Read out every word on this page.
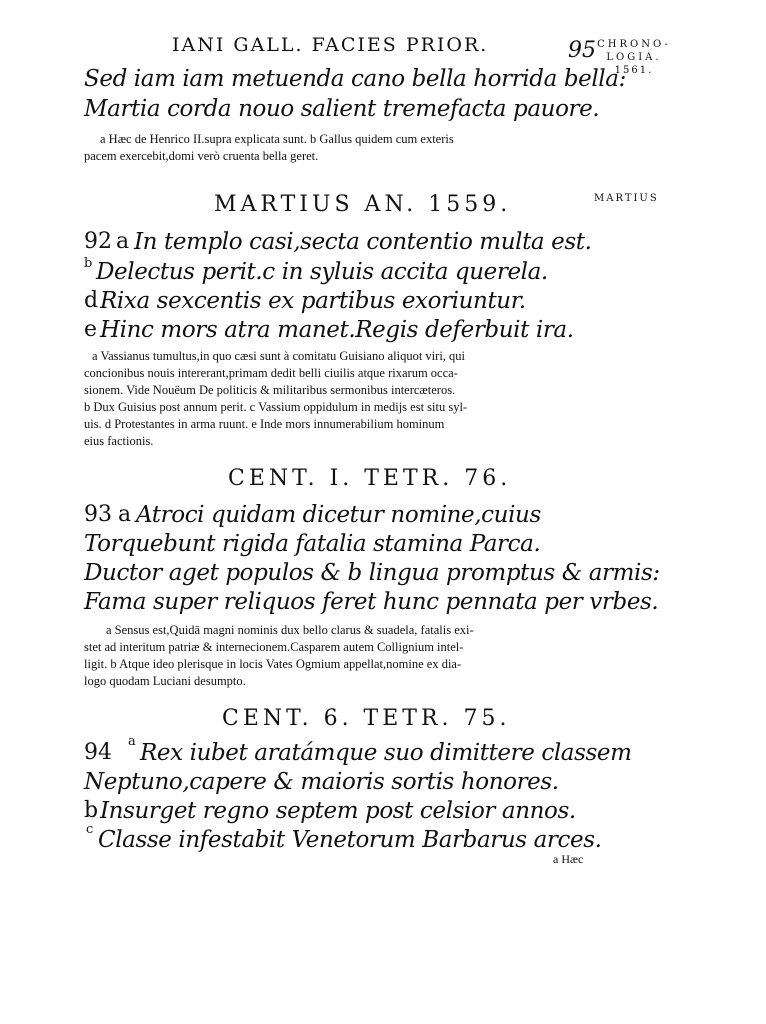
IANI GALL. FACIES PRIOR.	95 CHRONO-LOGIA.
1561.
Sed iam iam metuenda cano bella horrida bella:
Martia corda nouo salient tremefacta pauore.
a Hæc de Henrico II.supra explicata sunt. b Gallus quidem cum exteris
pacem exercebit,domi verò cruenta bella geret.
MARTIUS AN. 1559.	MARTIUS
92 a In templo casi,secta contentio multa est.
b Delectus perit.c in syluis accita querela.
d Rixa sexcentis ex partibus exoriuntur.
e Hinc mors atra manet.Regis deferbuit ira.
a Vassianus tumultus,in quo cæsi sunt à comitatu Guisiano aliquot viri, qui
concionibus nouis intererant,primam dedit belli ciuilis atque rixarum occa-
sionem. Vide Nouëum De politicis & militaribus sermonibus intercæteros.
b Dux Guisius post annum perit. c Vassium oppidulum in medijs est situ syl-
uis. d Protestantes in arma ruunt. e Inde mors innumerabilium hominum
eius factionis.
CENT. I. TETR. 76.
93 a Atroci quidam dicetur nomine,cuius
Torquebunt rigida fatalia stamina Parca.
Ductor aget populos & b lingua promptus & armis:
Fama super reliquos feret hunc pennata per vrbes.
a Sensus est,Quidā magni nominis dux bello clarus & suadela, fatalis exi-
stet ad interitum patriæ & internecionem.Casparem autem Collignium intel-
ligit. b Atque ideo plerisque in locis Vates Ogmium appellat,nomine ex dia-
logo quodam Luciani desumpto.
CENT. 6. TETR. 75.
94 a Rex iubet aratámque suo dimittere classem
Neptuno,capere & maioris sortis honores.
b Insurget regno septem post celsior annos.
c Classe infestabit Venetorum Barbarus arces.
a Hæc
